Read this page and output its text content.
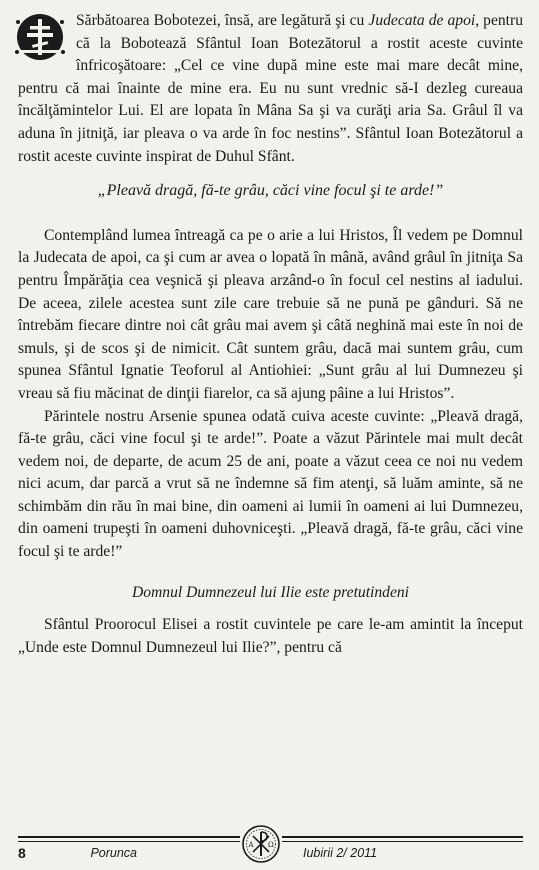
Sărbătoarea Bobotezei, însă, are legătură şi cu Judecata de apoi, pentru că la Bobotează Sfântul Ioan Botezătorul a rostit aceste cuvinte înfricoşătoare: „Cel ce vine după mine este mai mare decât mine, pentru că mai înainte de mine era. Eu nu sunt vrednic să-I dezleg cureaua încălţămintelor Lui. El are lopata în Mâna Sa şi va curăţi aria Sa. Grâul îl va aduna în jitniţă, iar pleava o va arde în foc nestins”. Sfântul Ioan Botezătorul a rostit aceste cuvinte inspirat de Duhul Sfânt.

„Pleavă dragă, fă-te grâu, căci vine focul şi te arde!”

Contemplând lumea întreagă ca pe o arie a lui Hristos, Îl vedem pe Domnul la Judecata de apoi, ca şi cum ar avea o lopată în mână, având grâul în jitniţa Sa pentru Împărăţia cea veşnică şi pleava arzând-o în focul cel nestins al iadului. De aceea, zilele acestea sunt zile care trebuie să ne pună pe gânduri. Să ne întrebăm fiecare dintre noi cât grâu mai avem şi câtă neghină mai este în noi de smuls, şi de scos şi de nimicit. Cât suntem grâu, dacă mai suntem grâu, cum spunea Sfântul Ignatie Teoforul al Antiohiei: „Sunt grâu al lui Dumnezeu şi vreau să fiu măcinat de dinţii fiarelor, ca să ajung pâine a lui Hristos”.

Părintele nostru Arsenie spunea odată cuiva aceste cuvinte: „Pleavă dragă, fă-te grâu, căci vine focul şi te arde!”. Poate a văzut Părintele mai mult decât vedem noi, de departe, de acum 25 de ani, poate a văzut ceea ce noi nu vedem nici acum, dar parcă a vrut să ne îndemne să fim atenţi, să luăm aminte, să ne schimbăm din rău în mai bine, din oameni ai lumii în oameni ai lui Dumnezeu, din oameni trupeşti în oameni duhovniceşti. „Pleavă dragă, fă-te grâu, căci vine focul şi te arde!”

Domnul Dumnezeul lui Ilie este pretutindeni

Sfântul Proorocul Elisei a rostit cuvintele pe care le-am amintit la început „Unde este Domnul Dumnezeul lui Ilie?”, pentru că

8	Porunca	Iubirii 2/ 2011
A Ω
